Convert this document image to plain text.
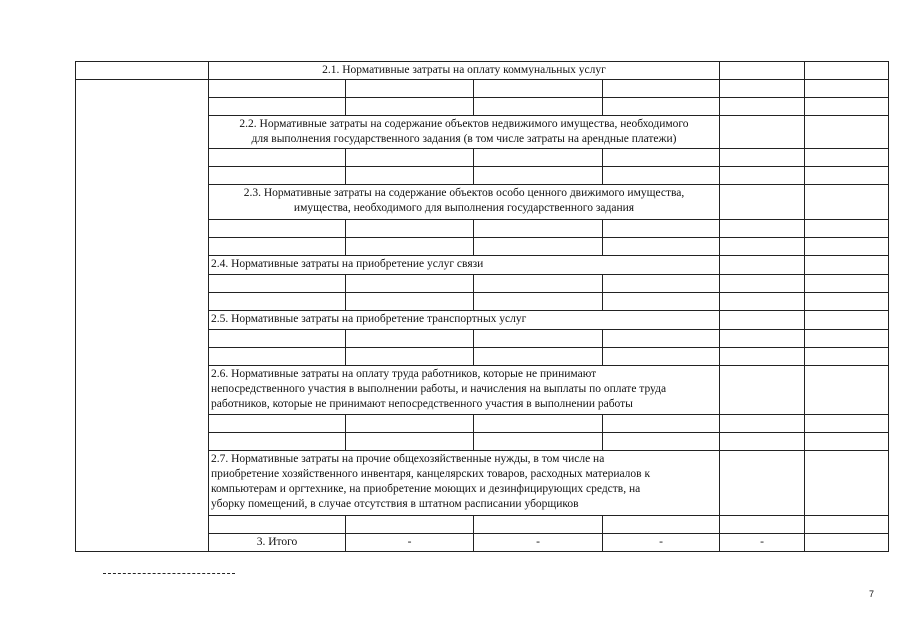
	2.1. Нормативные затраты на оплату коммунальных услуг					

	2.2. Нормативные затраты на содержание объектов недвижимого имущества, необходимого
для выполнения государственного задания (в том числе затраты на арендные платежи)					

	2.3. Нормативные затраты на содержание объектов особо ценного движимого имущества,
имущества, необходимого для выполнения государственного задания					

	2.4. Нормативные затраты на приобретение услуг связи					

	2.5. Нормативные затраты на приобретение транспортных услуг					

	2.6. Нормативные затраты на оплату труда работников, которые не принимают
непосредственного участия в выполнении работы, и начисления на выплаты по оплате труда
работников, которые не принимают непосредственного участия в выполнении работы					

	2.7. Нормативные затраты на прочие общехозяйственные нужды, в том числе на
приобретение хозяйственного инвентаря, канцелярских товаров, расходных материалов к
компьютерам и оргтехнике, на приобретение моющих и дезинфицирующих средств, на
уборку помещений, в случае отсутствия в штатном расписании уборщиков					

	3. Итого	-	-	-	-	
7
